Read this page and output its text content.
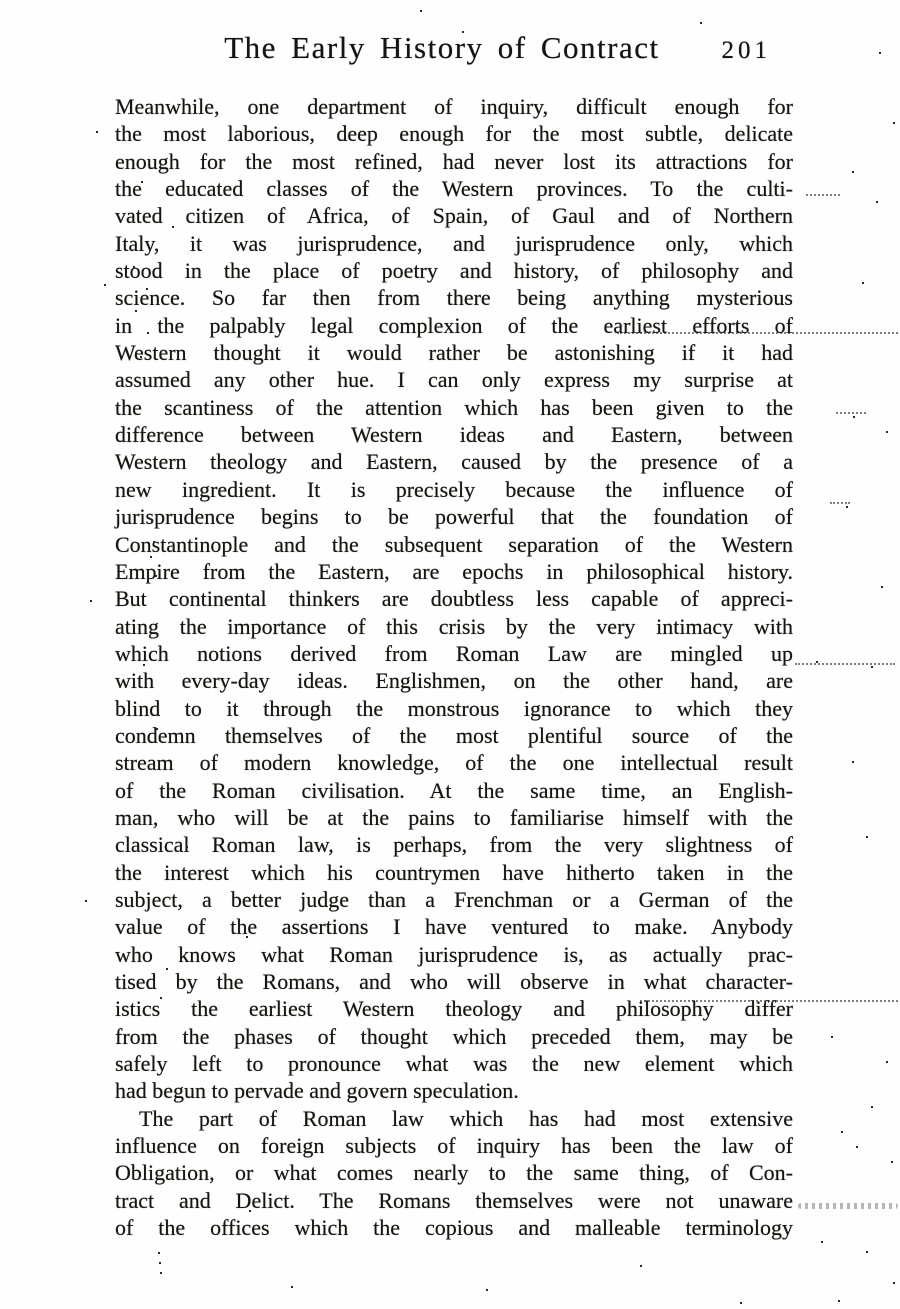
The Early History of Contract 201
Meanwhile, one department of inquiry, difficult enough for
the most laborious, deep enough for the most subtle, delicate
enough for the most refined, had never lost its attractions for
the educated classes of the Western provinces. To the culti-
vated citizen of Africa, of Spain, of Gaul and of Northern
Italy, it was jurisprudence, and jurisprudence only, which
stood in the place of poetry and history, of philosophy and
science. So far then from there being anything mysterious
in the palpably legal complexion of the earliest efforts of
Western thought it would rather be astonishing if it had
assumed any other hue. I can only express my surprise at
the scantiness of the attention which has been given to the
difference between Western ideas and Eastern, between
Western theology and Eastern, caused by the presence of a
new ingredient. It is precisely because the influence of
jurisprudence begins to be powerful that the foundation of
Constantinople and the subsequent separation of the Western
Empire from the Eastern, are epochs in philosophical history.
But continental thinkers are doubtless less capable of appreci-
ating the importance of this crisis by the very intimacy with
which notions derived from Roman Law are mingled up
with every-day ideas. Englishmen, on the other hand, are
blind to it through the monstrous ignorance to which they
condemn themselves of the most plentiful source of the
stream of modern knowledge, of the one intellectual result
of the Roman civilisation. At the same time, an English-
man, who will be at the pains to familiarise himself with the
classical Roman law, is perhaps, from the very slightness of
the interest which his countrymen have hitherto taken in the
subject, a better judge than a Frenchman or a German of the
value of the assertions I have ventured to make. Anybody
who knows what Roman jurisprudence is, as actually prac-
tised by the Romans, and who will observe in what character-
istics the earliest Western theology and philosophy differ
from the phases of thought which preceded them, may be
safely left to pronounce what was the new element which
had begun to pervade and govern speculation.
The part of Roman law which has had most extensive
influence on foreign subjects of inquiry has been the law of
Obligation, or what comes nearly to the same thing, of Con-
tract and Delict. The Romans themselves were not unaware
of the offices which the copious and malleable terminology
